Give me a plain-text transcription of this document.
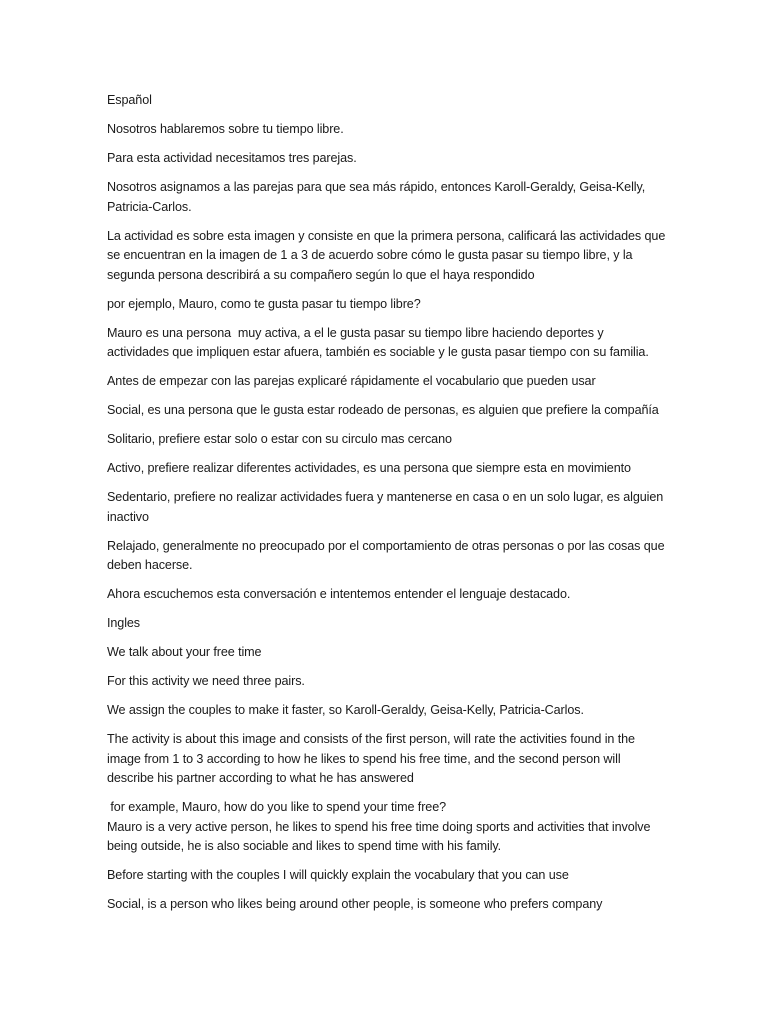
Español

Nosotros hablaremos sobre tu tiempo libre.

Para esta actividad necesitamos tres parejas.

Nosotros asignamos a las parejas para que sea más rápido, entonces Karoll-Geraldy, Geisa-Kelly, Patricia-Carlos.

La actividad es sobre esta imagen y consiste en que la primera persona, calificará las actividades que se encuentran en la imagen de 1 a 3 de acuerdo sobre cómo le gusta pasar su tiempo libre, y la segunda persona describirá a su compañero según lo que el haya respondido

por ejemplo, Mauro, como te gusta pasar tu tiempo libre?

Mauro es una persona  muy activa, a el le gusta pasar su tiempo libre haciendo deportes y actividades que impliquen estar afuera, también es sociable y le gusta pasar tiempo con su familia.

Antes de empezar con las parejas explicaré rápidamente el vocabulario que pueden usar

Social, es una persona que le gusta estar rodeado de personas, es alguien que prefiere la compañía

Solitario, prefiere estar solo o estar con su circulo mas cercano

Activo, prefiere realizar diferentes actividades, es una persona que siempre esta en movimiento

Sedentario, prefiere no realizar actividades fuera y mantenerse en casa o en un solo lugar, es alguien inactivo

Relajado, generalmente no preocupado por el comportamiento de otras personas o por las cosas que deben hacerse.

Ahora escuchemos esta conversación e intentemos entender el lenguaje destacado.

Ingles

We talk about your free time

For this activity we need three pairs.

We assign the couples to make it faster, so Karoll-Geraldy, Geisa-Kelly, Patricia-Carlos.

The activity is about this image and consists of the first person, will rate the activities found in the image from 1 to 3 according to how he likes to spend his free time, and the second person will describe his partner according to what he has answered

for example, Mauro, how do you like to spend your time free?

Mauro is a very active person, he likes to spend his free time doing sports and activities that involve being outside, he is also sociable and likes to spend time with his family.

Before starting with the couples I will quickly explain the vocabulary that you can use

Social, is a person who likes being around other people, is someone who prefers company
